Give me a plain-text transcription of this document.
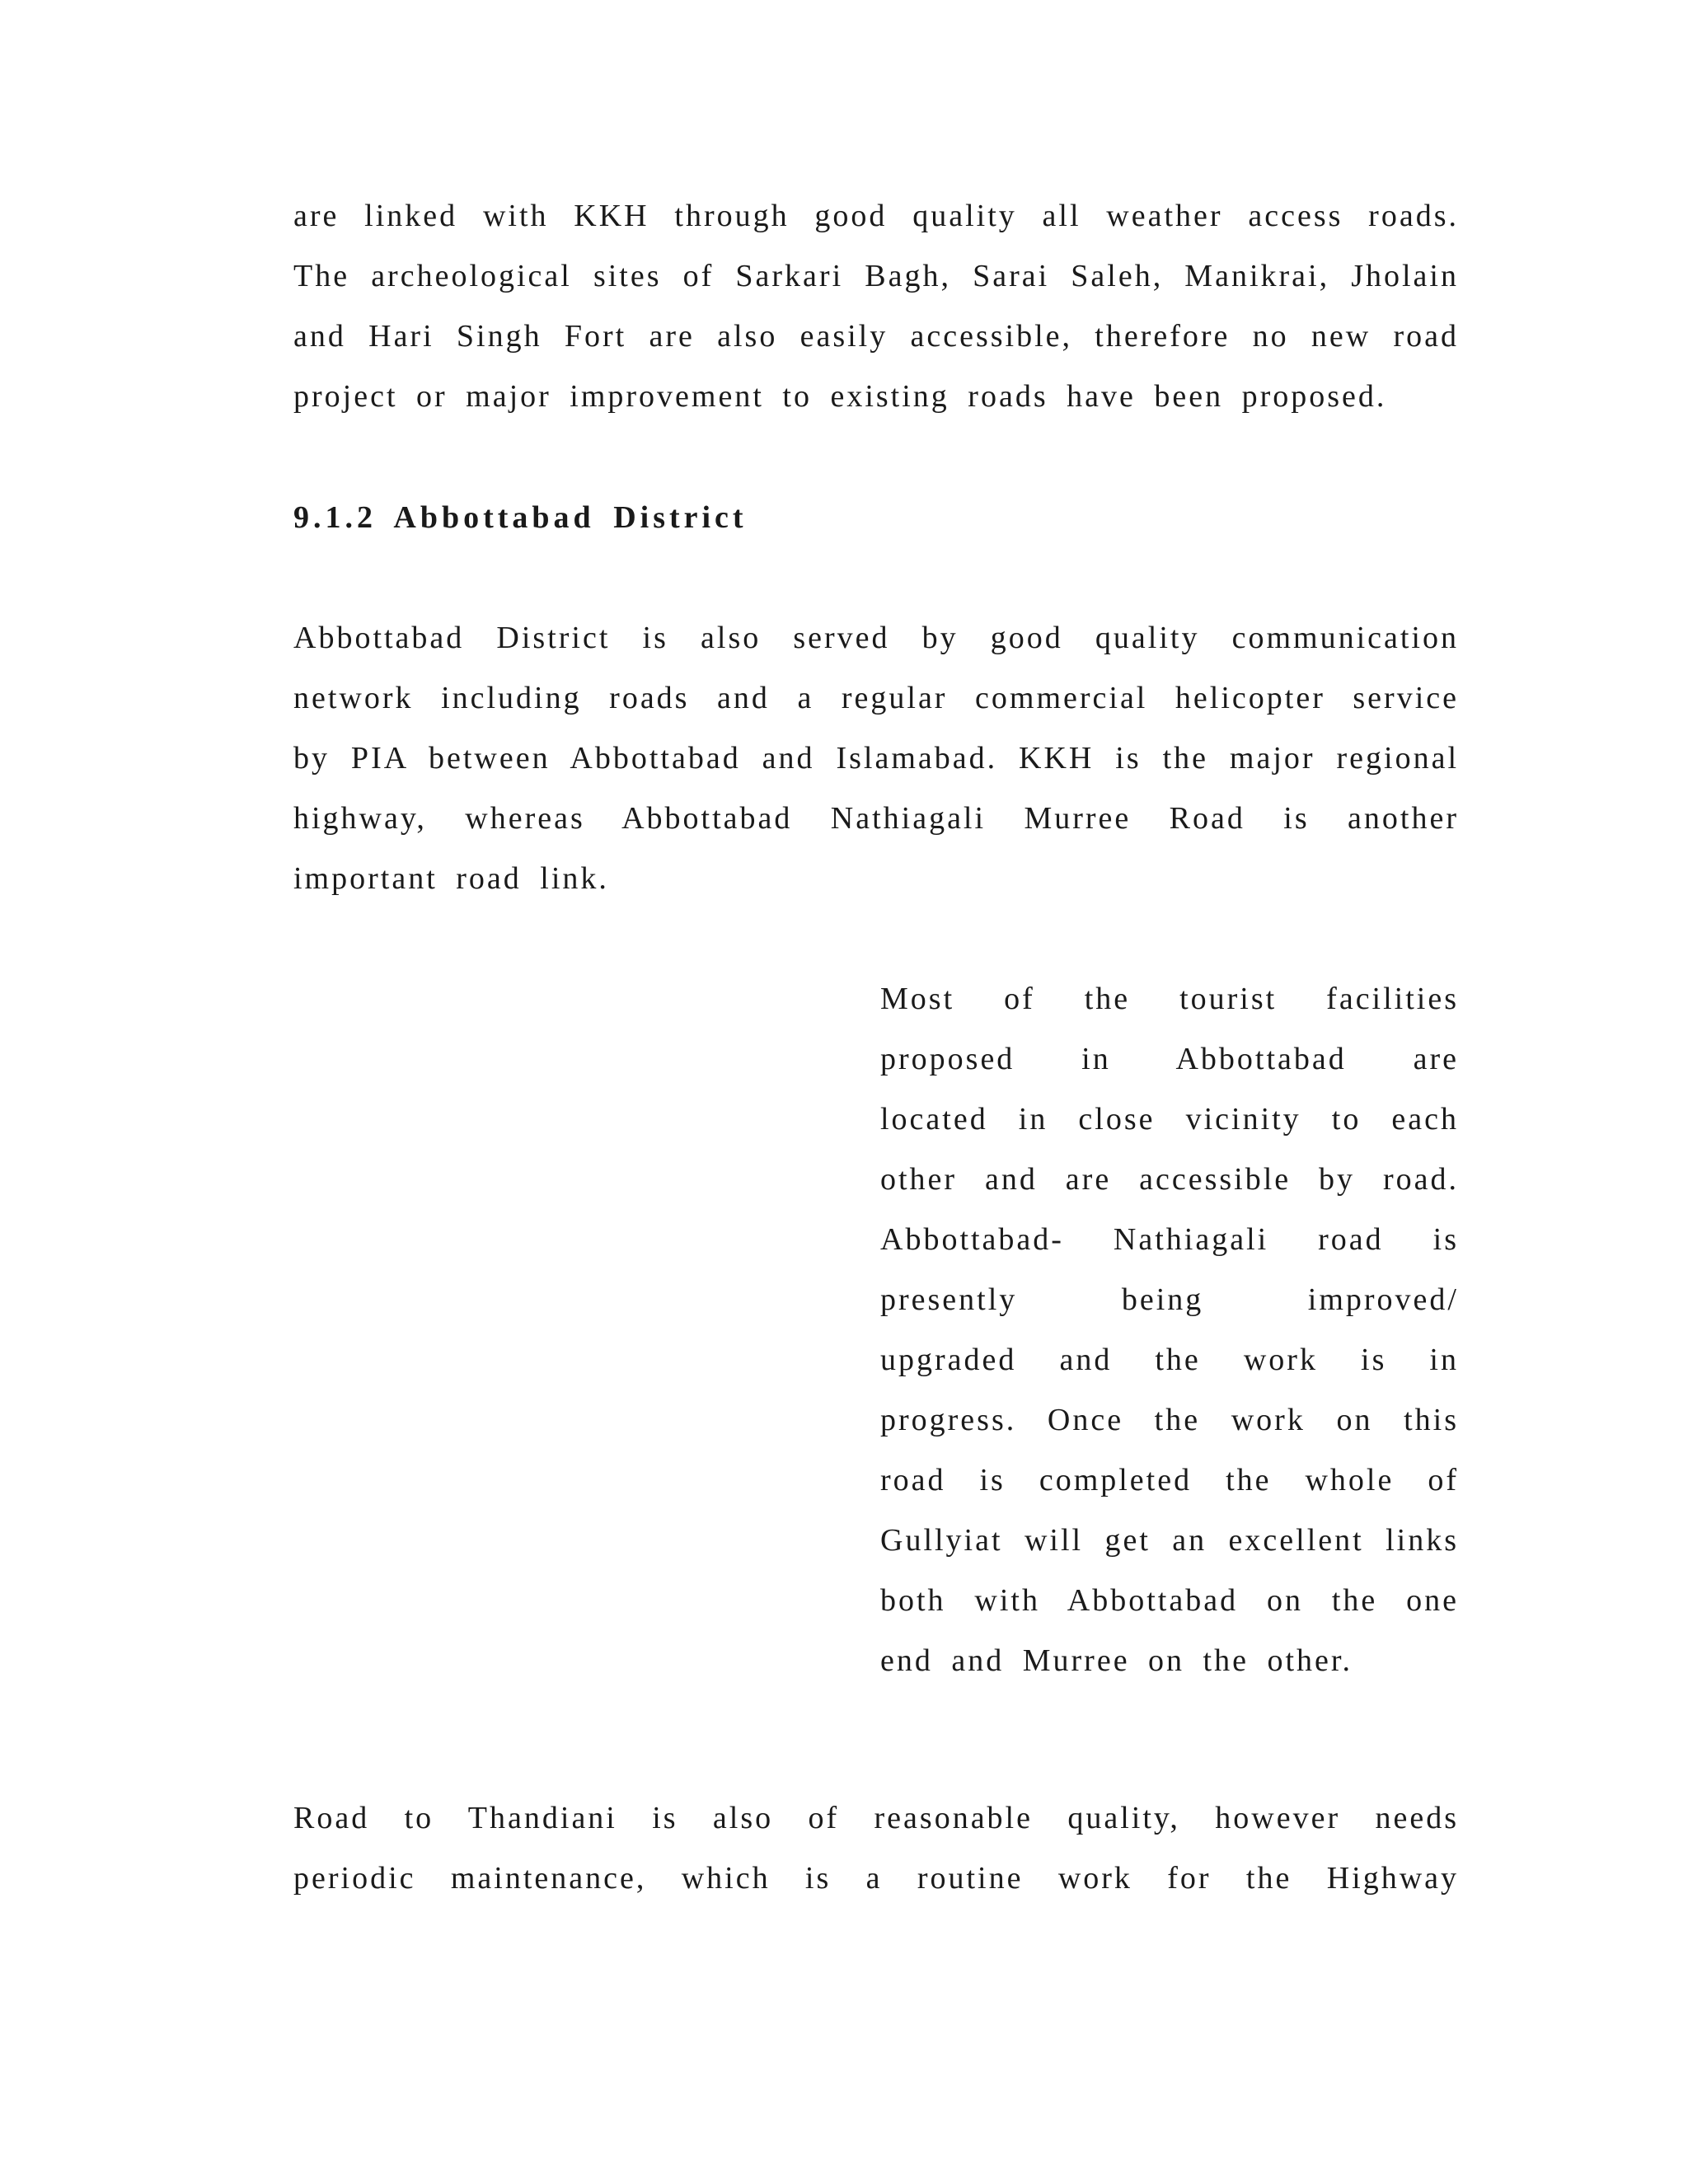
are linked with KKH through good quality all weather access roads.
The archeological sites of Sarkari Bagh, Sarai Saleh, Manikrai, Jholain
and Hari Singh Fort are also easily accessible, therefore no new road
project or major improvement to existing roads have been proposed.
9.1.2 Abbottabad District
Abbottabad District is also served by good quality communication
network including roads and a regular commercial helicopter service
by PIA between Abbottabad and Islamabad. KKH is the major regional
highway, whereas Abbottabad Nathiagali Murree Road is another
important road link.
Most of the tourist facilities
proposed in Abbottabad are
located in close vicinity to each
other and are accessible by road.
Abbottabad- Nathiagali road is
presently being improved/
upgraded and the work is in
progress. Once the work on this
road is completed the whole of
Gullyiat will get an excellent links
both with Abbottabad on the one
end and Murree on the other.
Road to Thandiani is also of reasonable quality, however needs
periodic maintenance, which is a routine work for the Highway
